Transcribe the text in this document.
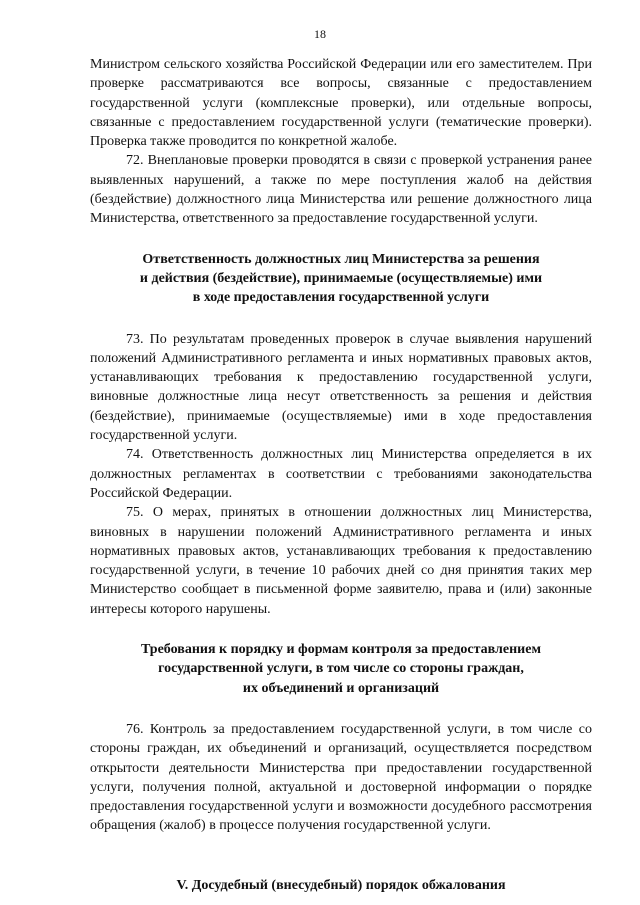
18

Министром сельского хозяйства Российской Федерации или его заместителем. При проверке рассматриваются все вопросы, связанные с предоставлением государственной услуги (комплексные проверки), или отдельные вопросы, связанные с предоставлением государственной услуги (тематические проверки). Проверка также проводится по конкретной жалобе.

72. Внеплановые проверки проводятся в связи с проверкой устранения ранее выявленных нарушений, а также по мере поступления жалоб на действия (бездействие) должностного лица Министерства или решение должностного лица Министерства, ответственного за предоставление государственной услуги.

Ответственность должностных лиц Министерства за решения
и действия (бездействие), принимаемые (осуществляемые) ими
в ходе предоставления государственной услуги

73. По результатам проведенных проверок в случае выявления нарушений положений Административного регламента и иных нормативных правовых актов, устанавливающих требования к предоставлению государственной услуги, виновные должностные лица несут ответственность за решения и действия (бездействие), принимаемые (осуществляемые) ими в ходе предоставления государственной услуги.

74. Ответственность должностных лиц Министерства определяется в их должностных регламентах в соответствии с требованиями законодательства Российской Федерации.

75. О мерах, принятых в отношении должностных лиц Министерства, виновных в нарушении положений Административного регламента и иных нормативных правовых актов, устанавливающих требования к предоставлению государственной услуги, в течение 10 рабочих дней со дня принятия таких мер Министерство сообщает в письменной форме заявителю, права и (или) законные интересы которого нарушены.

Требования к порядку и формам контроля за предоставлением
государственной услуги, в том числе со стороны граждан,
их объединений и организаций

76. Контроль за предоставлением государственной услуги, в том числе со стороны граждан, их объединений и организаций, осуществляется посредством открытости деятельности Министерства при предоставлении государственной услуги, получения полной, актуальной и достоверной информации о порядке предоставления государственной услуги и возможности досудебного рассмотрения обращения (жалоб) в процессе получения государственной услуги.

V. Досудебный (внесудебный) порядок обжалования
